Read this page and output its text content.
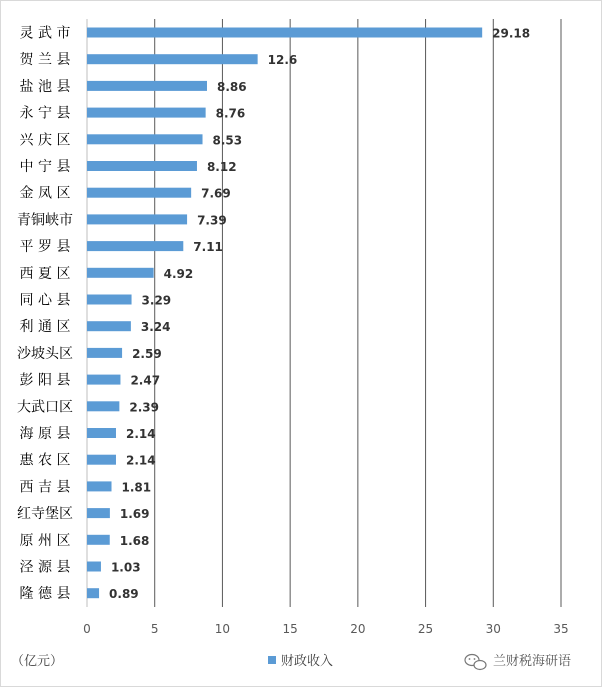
灵 武 市
贺 兰 县
盐 池 县
永 宁 县
兴 庆 区
中 宁 县
金 凤 区
青铜峡市
平 罗 县
西 夏 区
同 心 县
利 通 区
沙坡头区
彭 阳 县
大武口区
海 原 县
惠 农 区
西 吉 县
红寺堡区
原 州 区
泾 源 县
隆 德 县
29.18
12.6
8.86
8.76
8.53
8.12
7.69
7.39
7.11
4.92
3.29
3.24
2.59
2.47
2.39
2.14
2.14
1.81
1.69
1.68
1.03
0.89
0	5	10	15	20	25	30	35
（亿元）	财政收入	兰财税海研语
